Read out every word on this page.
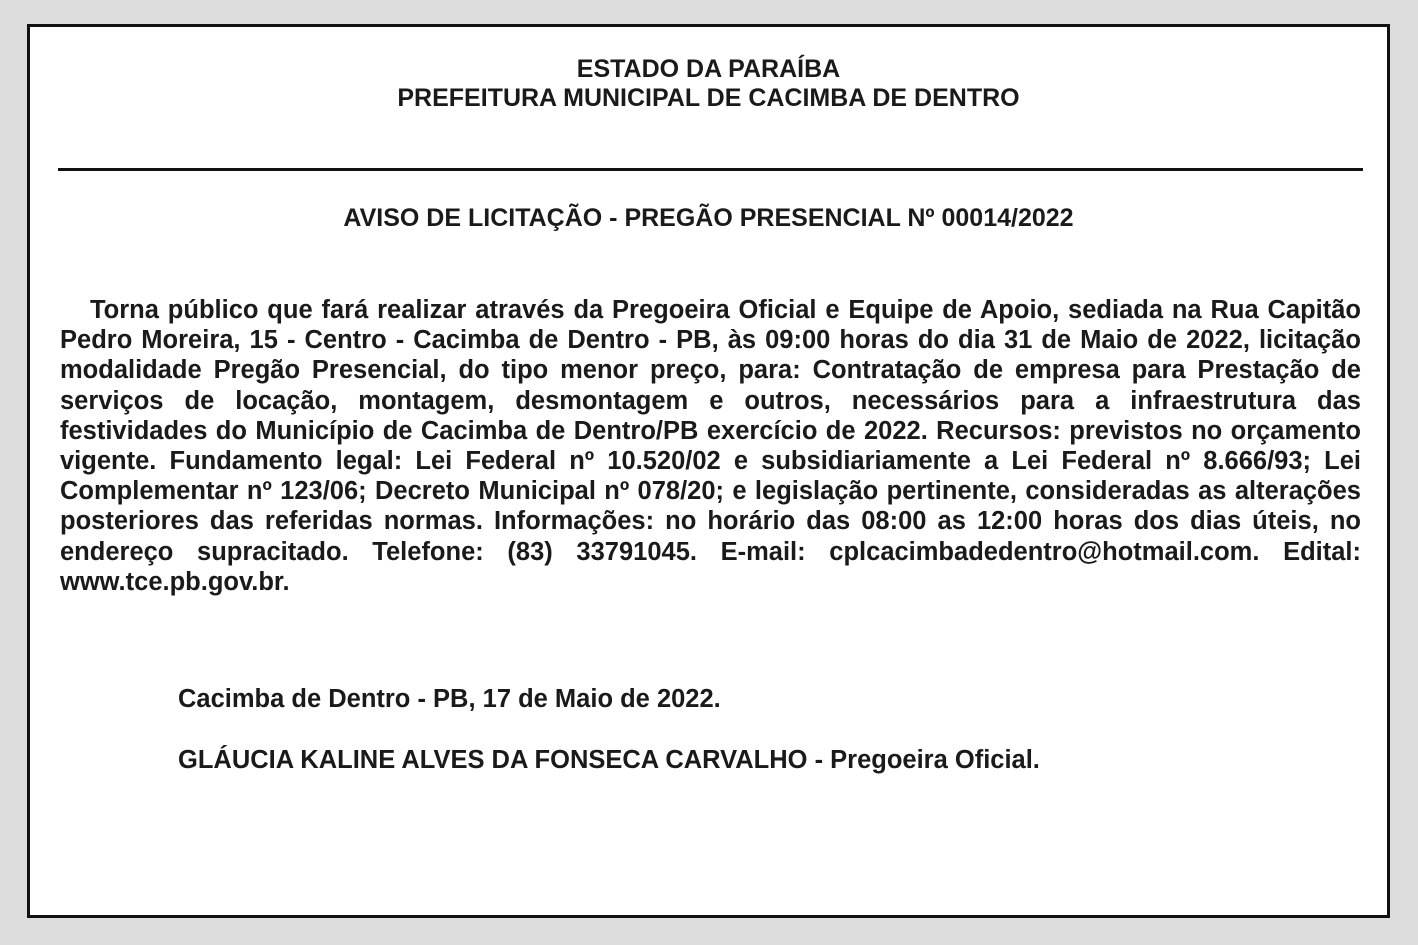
ESTADO DA PARAÍBA
PREFEITURA MUNICIPAL DE CACIMBA DE DENTRO
AVISO DE LICITAÇÃO - PREGÃO PRESENCIAL Nº 00014/2022

Torna público que fará realizar através da Pregoeira Oficial e Equipe de Apoio, sediada na Rua Capitão Pedro Moreira, 15 - Centro - Cacimba de Dentro - PB, às 09:00 horas do dia 31 de Maio de 2022, licitação modalidade Pregão Presencial, do tipo menor preço, para: Contratação de empresa para Prestação de serviços de locação, montagem, desmontagem e outros, necessários para a infraestrutura das festividades do Município de Cacimba de Dentro/PB exercício de 2022. Recursos: previstos no orçamento vigente. Fundamento legal: Lei Federal nº 10.520/02 e subsidiariamente a Lei Federal nº 8.666/93; Lei Complementar nº 123/06; Decreto Municipal nº 078/20; e legislação pertinente, consideradas as alterações posteriores das referidas normas. Informações: no horário das 08:00 as 12:00 horas dos dias úteis, no endereço supracitado. Telefone: (83) 33791045. E-mail: cplcacimbadedentro@hotmail.com. Edital: www.tce.pb.gov.br.

Cacimba de Dentro - PB, 17 de Maio de 2022.
GLÁUCIA KALINE ALVES DA FONSECA CARVALHO - Pregoeira Oficial.
